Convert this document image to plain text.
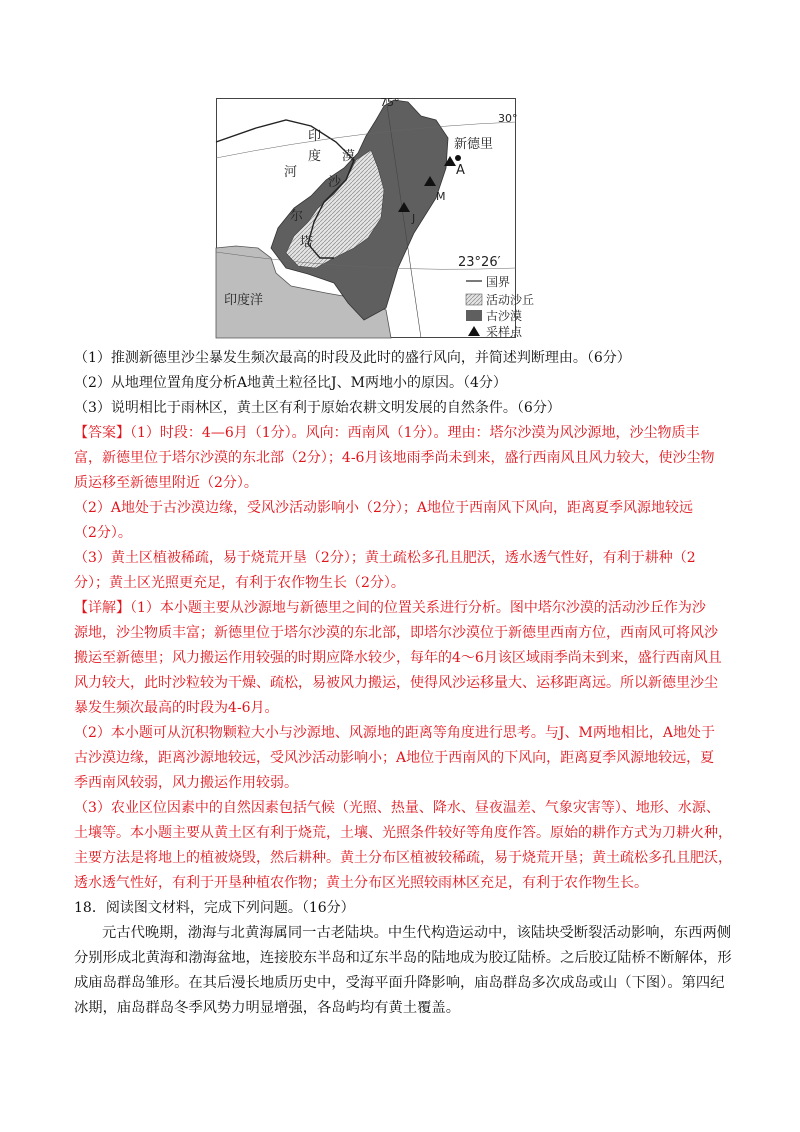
75°
30°
23°26′
新德里
A
M
J
印
度
河
漠
沙
尔
塔
印度洋
国界
活动沙丘
古沙漠
采样点

（1）推测新德里沙尘暴发生频次最高的时段及此时的盛行风向，并简述判断理由。（6分）

（2）从地理位置角度分析A地黄土粒径比J、M两地小的原因。（4分）

（3）说明相比于雨林区，黄土区有利于原始农耕文明发展的自然条件。（6分）

【答案】（1）时段：4—6月（1分）。风向：西南风（1分）。理由：塔尔沙漠为风沙源地，沙尘物质丰

富，新德里位于塔尔沙漠的东北部（2分）；4-6月该地雨季尚未到来，盛行西南风且风力较大，使沙尘物

质运移至新德里附近（2分）。

（2）A地处于古沙漠边缘，受风沙活动影响小（2分）；A地位于西南风下风向，距离夏季风源地较远

（2分）。

（3）黄土区植被稀疏，易于烧荒开垦（2分）；黄土疏松多孔且肥沃，透水透气性好，有利于耕种（2

分）；黄土区光照更充足，有利于农作物生长（2分）。

【详解】（1）本小题主要从沙源地与新德里之间的位置关系进行分析。图中塔尔沙漠的活动沙丘作为沙

源地，沙尘物质丰富；新德里位于塔尔沙漠的东北部，即塔尔沙漠位于新德里西南方位，西南风可将风沙

搬运至新德里；风力搬运作用较强的时期应降水较少，每年的4～6月该区域雨季尚未到来，盛行西南风且

风力较大，此时沙粒较为干燥、疏松，易被风力搬运，使得风沙运移量大、运移距离远。所以新德里沙尘

暴发生频次最高的时段为4-6月。

（2）本小题可从沉积物颗粒大小与沙源地、风源地的距离等角度进行思考。与J、M两地相比，A地处于

古沙漠边缘，距离沙源地较远，受风沙活动影响小；A地位于西南风的下风向，距离夏季风源地较远，夏

季西南风较弱，风力搬运作用较弱。

（3）农业区位因素中的自然因素包括气候（光照、热量、降水、昼夜温差、气象灾害等）、地形、水源、

土壤等。本小题主要从黄土区有利于烧荒，土壤、光照条件较好等角度作答。原始的耕作方式为刀耕火种，

主要方法是将地上的植被烧毁，然后耕种。黄土分布区植被较稀疏，易于烧荒开垦；黄土疏松多孔且肥沃，

透水透气性好，有利于开垦种植农作物；黄土分布区光照较雨林区充足，有利于农作物生长。

18．阅读图文材料，完成下列问题。（16分）

元古代晚期，渤海与北黄海属同一古老陆块。中生代构造运动中，该陆块受断裂活动影响，东西两侧

分别形成北黄海和渤海盆地，连接胶东半岛和辽东半岛的陆地成为胶辽陆桥。之后胶辽陆桥不断解体，形

成庙岛群岛雏形。在其后漫长地质历史中，受海平面升降影响，庙岛群岛多次成岛或山（下图）。第四纪

冰期，庙岛群岛冬季风势力明显增强，各岛屿均有黄土覆盖。
